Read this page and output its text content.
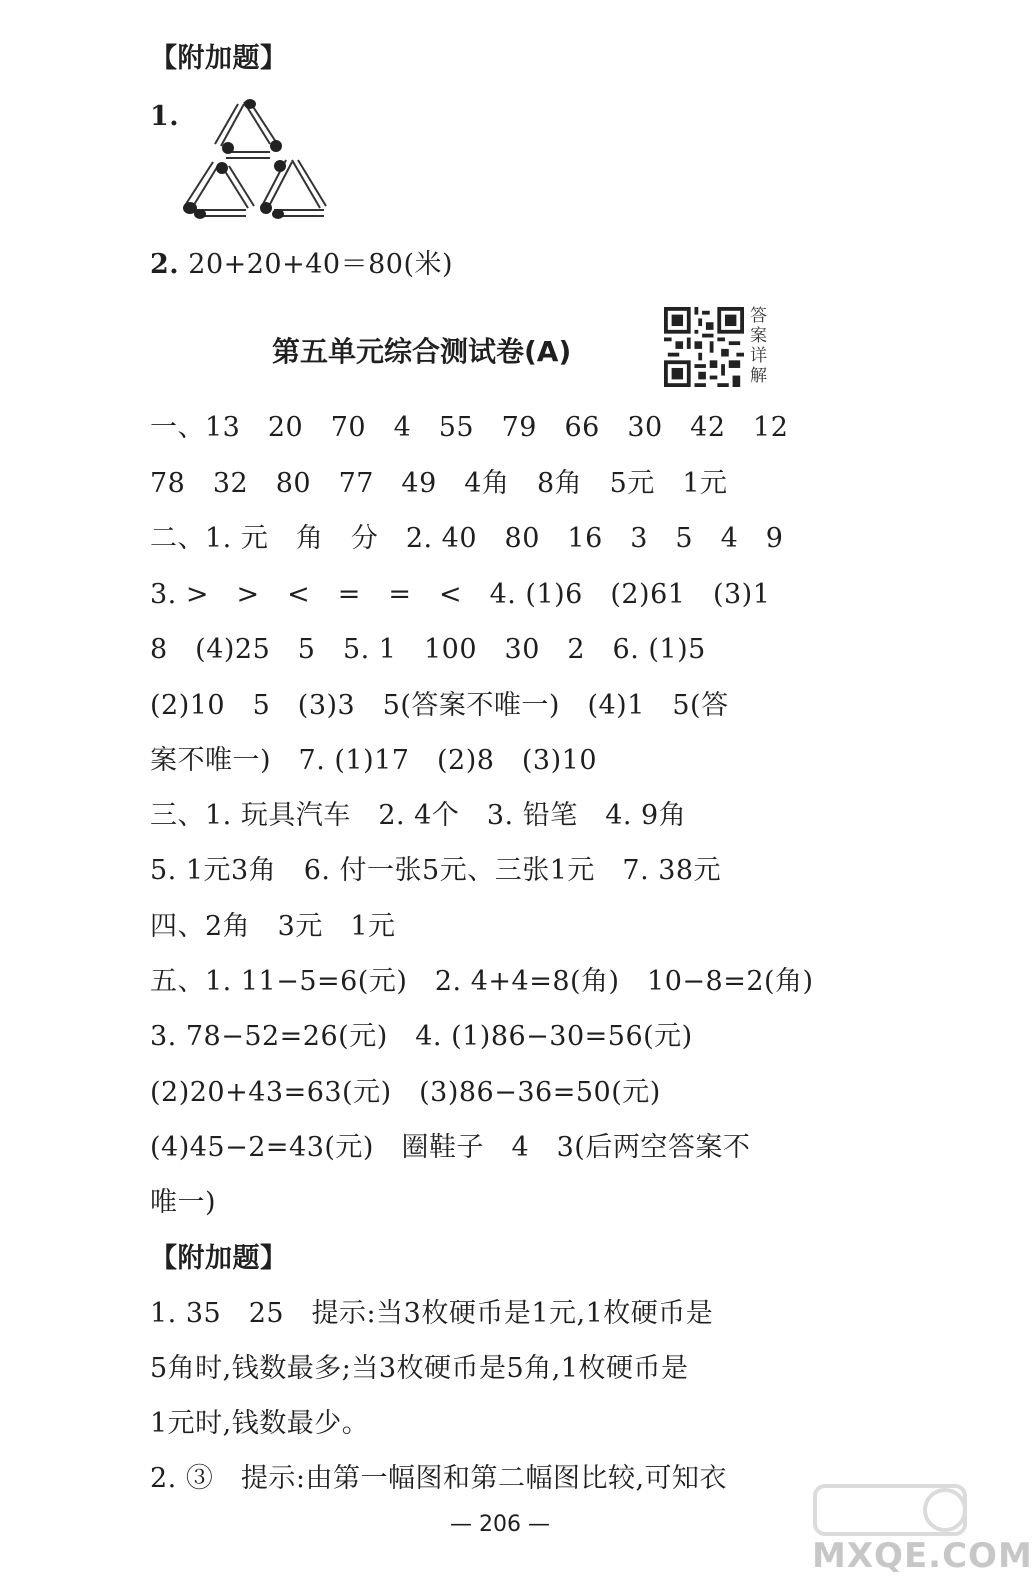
【附加题】
1.
2. 20+20+40＝80(米)
第五单元综合测试卷(A)
答案详解
一、13　20　70　4　55　79　66　30　42　12
78　32　80　77　49　4角　8角　5元　1元
二、1. 元　角　分　2. 40　80　16　3　5　4　9
3. >　>　<　=　=　<　4. (1)6　(2)61　(3)1
8　(4)25　5　5. 1　100　30　2　6. (1)5
(2)10　5　(3)3　5(答案不唯一)　(4)1　5(答
案不唯一)　7. (1)17　(2)8　(3)10
三、1. 玩具汽车　2. 4个　3. 铅笔　4. 9角
5. 1元3角　6. 付一张5元、三张1元　7. 38元
四、2角　3元　1元
五、1. 11−5=6(元)　2. 4+4=8(角)　10−8=2(角)
3. 78−52=26(元)　4. (1)86−30=56(元)
(2)20+43=63(元)　(3)86−36=50(元)
(4)45−2=43(元)　圈鞋子　4　3(后两空答案不
唯一)
【附加题】
1. 35　25　提示:当3枚硬币是1元,1枚硬币是
5角时,钱数最多;当3枚硬币是5角,1枚硬币是
1元时,钱数最少。
2. ③　提示:由第一幅图和第二幅图比较,可知衣
— 206 —
MXQE.COM
